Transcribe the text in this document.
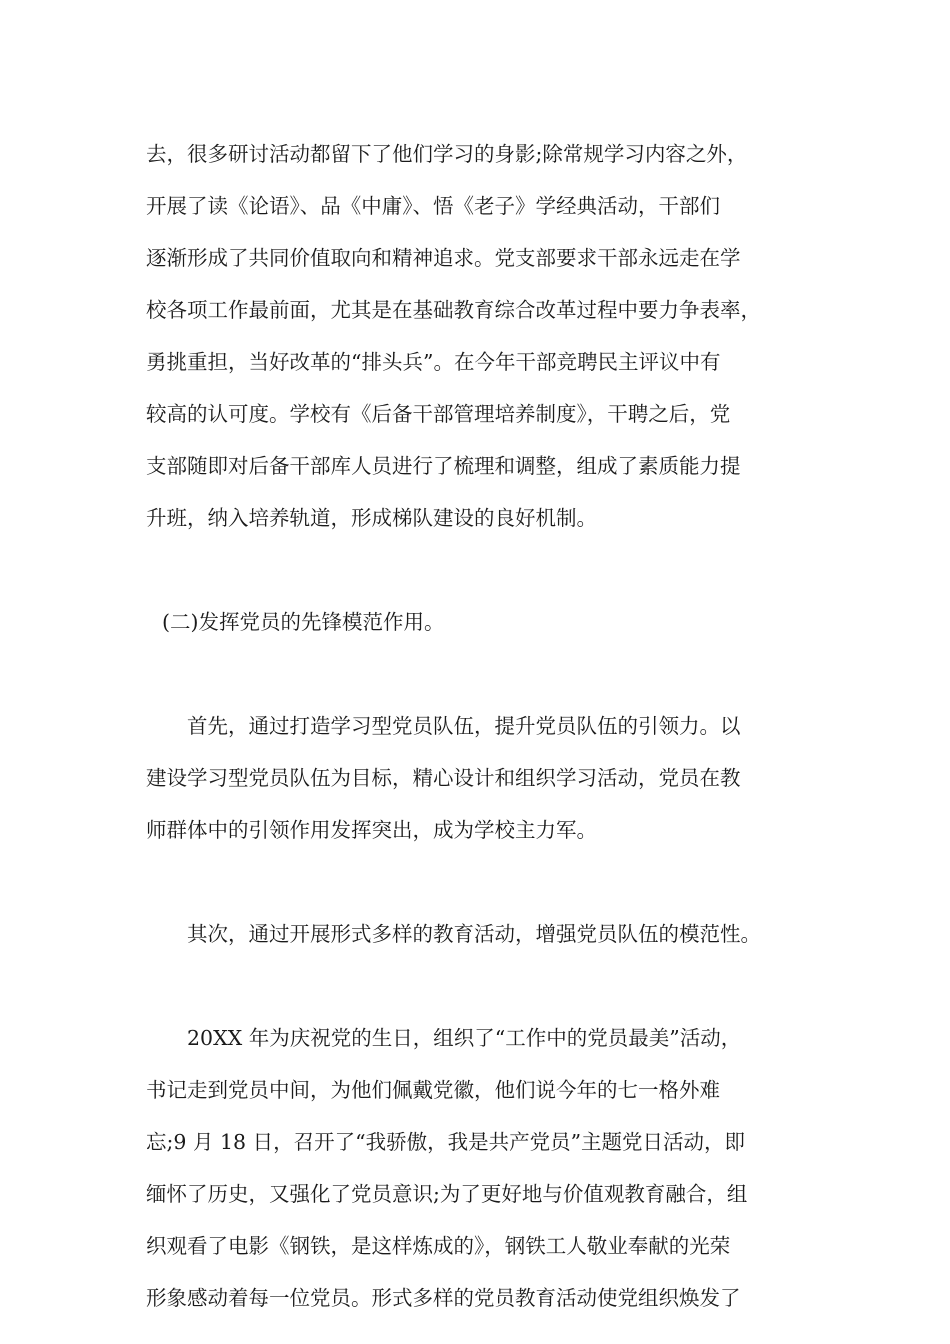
去，很多研讨活动都留下了他们学习的身影;除常规学习内容之外，
开展了读《论语》、品《中庸》、悟《老子》学经典活动，干部们
逐渐形成了共同价值取向和精神追求。党支部要求干部永远走在学
校各项工作最前面，尤其是在基础教育综合改革过程中要力争表率，
勇挑重担，当好改革的“排头兵”。在今年干部竞聘民主评议中有
较高的认可度。学校有《后备干部管理培养制度》，干聘之后，党
支部随即对后备干部库人员进行了梳理和调整，组成了素质能力提
升班，纳入培养轨道，形成梯队建设的良好机制。
(二)发挥党员的先锋模范作用。
首先，通过打造学习型党员队伍，提升党员队伍的引领力。以
建设学习型党员队伍为目标，精心设计和组织学习活动，党员在教
师群体中的引领作用发挥突出，成为学校主力军。
其次，通过开展形式多样的教育活动，增强党员队伍的模范性。
20XX 年为庆祝党的生日，组织了“工作中的党员最美”活动，
书记走到党员中间，为他们佩戴党徽，他们说今年的七一格外难
忘;9 月 18 日，召开了“我骄傲，我是共产党员”主题党日活动，即
缅怀了历史，又强化了党员意识;为了更好地与价值观教育融合，组
织观看了电影《钢铁，是这样炼成的》，钢铁工人敬业奉献的光荣
形象感动着每一位党员。形式多样的党员教育活动使党组织焕发了
